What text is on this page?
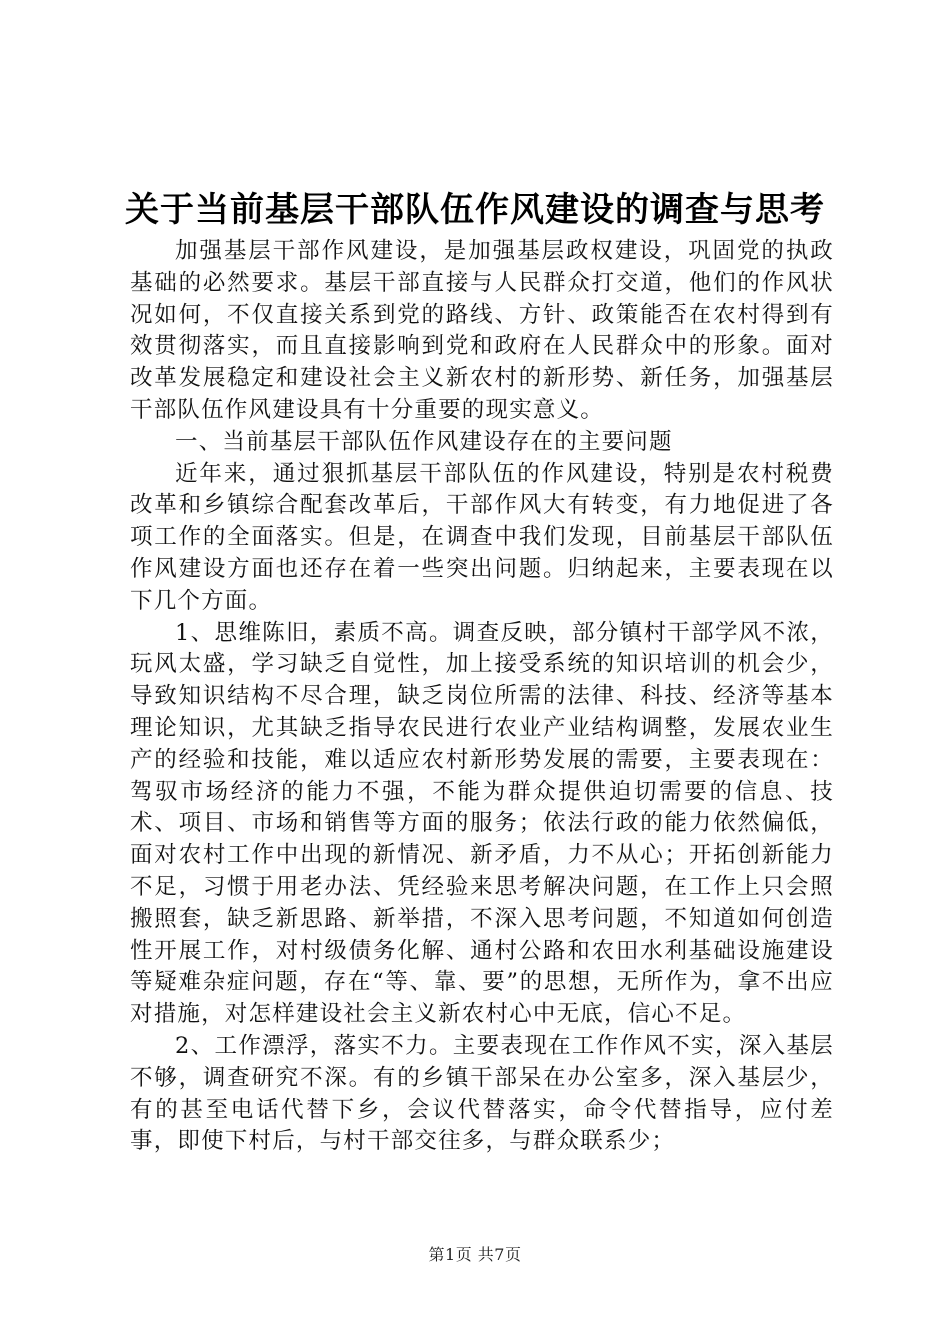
关于当前基层干部队伍作风建设的调查与思考

加强基层干部作风建设，是加强基层政权建设，巩固党的执政基础的必然要求。基层干部直接与人民群众打交道，他们的作风状况如何，不仅直接关系到党的路线、方针、政策能否在农村得到有效贯彻落实，而且直接影响到党和政府在人民群众中的形象。面对改革发展稳定和建设社会主义新农村的新形势、新任务，加强基层干部队伍作风建设具有十分重要的现实意义。

一、当前基层干部队伍作风建设存在的主要问题

近年来，通过狠抓基层干部队伍的作风建设，特别是农村税费改革和乡镇综合配套改革后，干部作风大有转变，有力地促进了各项工作的全面落实。但是，在调查中我们发现，目前基层干部队伍作风建设方面也还存在着一些突出问题。归纳起来，主要表现在以下几个方面。

1、思维陈旧，素质不高。调查反映，部分镇村干部学风不浓，玩风太盛，学习缺乏自觉性，加上接受系统的知识培训的机会少，导致知识结构不尽合理，缺乏岗位所需的法律、科技、经济等基本理论知识，尤其缺乏指导农民进行农业产业结构调整，发展农业生产的经验和技能，难以适应农村新形势发展的需要，主要表现在：驾驭市场经济的能力不强，不能为群众提供迫切需要的信息、技术、项目、市场和销售等方面的服务；依法行政的能力依然偏低，面对农村工作中出现的新情况、新矛盾，力不从心；开拓创新能力不足，习惯于用老办法、凭经验来思考解决问题，在工作上只会照搬照套，缺乏新思路、新举措，不深入思考问题，不知道如何创造性开展工作，对村级债务化解、通村公路和农田水利基础设施建设等疑难杂症问题，存在“等、靠、要”的思想，无所作为，拿不出应对措施，对怎样建设社会主义新农村心中无底，信心不足。

2、工作漂浮，落实不力。主要表现在工作作风不实，深入基层不够，调查研究不深。有的乡镇干部呆在办公室多，深入基层少，有的甚至电话代替下乡，会议代替落实，命令代替指导，应付差事，即使下村后，与村干部交往多，与群众联系少；

第1页 共7页
